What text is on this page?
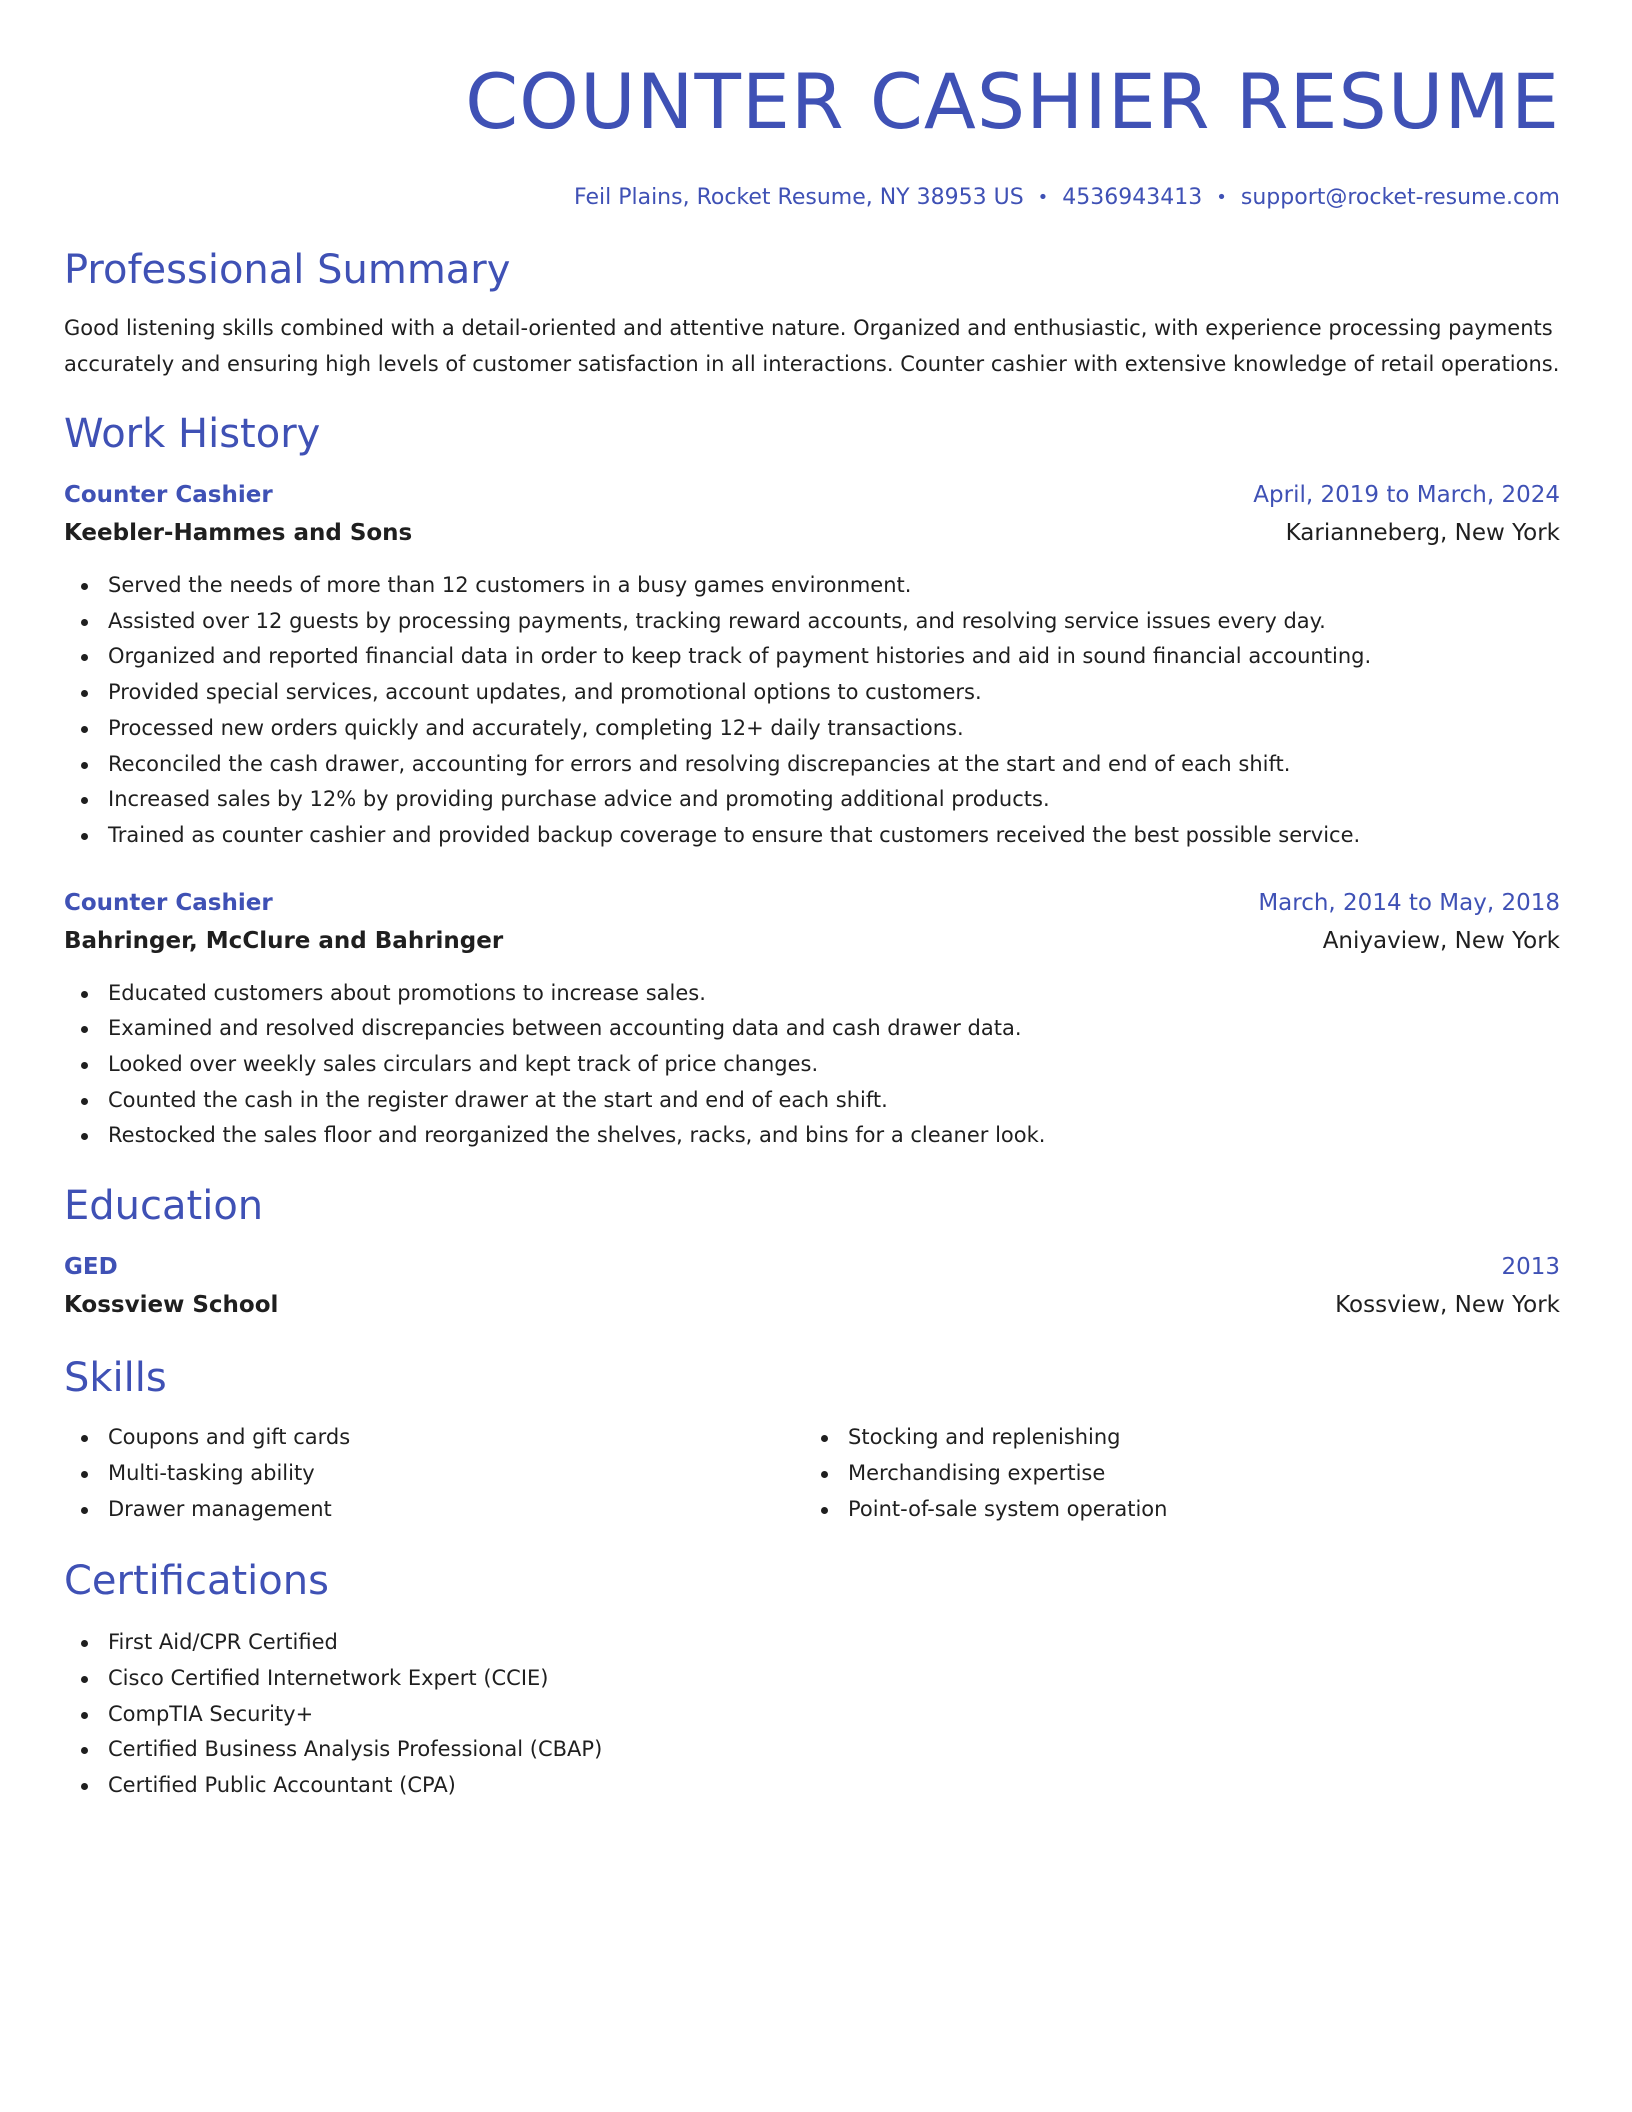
COUNTER CASHIER RESUME
Feil Plains, Rocket Resume, NY 38953 US • 4536943413 • support@rocket-resume.com
Professional Summary
Good listening skills combined with a detail-oriented and attentive nature. Organized and enthusiastic, with experience processing payments accurately and ensuring high levels of customer satisfaction in all interactions. Counter cashier with extensive knowledge of retail operations.
Work History
Counter Cashier	April, 2019 to March, 2024
Keebler-Hammes and Sons	Karianneberg, New York
Served the needs of more than 12 customers in a busy games environment.
Assisted over 12 guests by processing payments, tracking reward accounts, and resolving service issues every day.
Organized and reported financial data in order to keep track of payment histories and aid in sound financial accounting.
Provided special services, account updates, and promotional options to customers.
Processed new orders quickly and accurately, completing 12+ daily transactions.
Reconciled the cash drawer, accounting for errors and resolving discrepancies at the start and end of each shift.
Increased sales by 12% by providing purchase advice and promoting additional products.
Trained as counter cashier and provided backup coverage to ensure that customers received the best possible service.
Counter Cashier	March, 2014 to May, 2018
Bahringer, McClure and Bahringer	Aniyaview, New York
Educated customers about promotions to increase sales.
Examined and resolved discrepancies between accounting data and cash drawer data.
Looked over weekly sales circulars and kept track of price changes.
Counted the cash in the register drawer at the start and end of each shift.
Restocked the sales floor and reorganized the shelves, racks, and bins for a cleaner look.
Education
GED	2013
Kossview School	Kossview, New York
Skills
Coupons and gift cards
Multi-tasking ability
Drawer management
Stocking and replenishing
Merchandising expertise
Point-of-sale system operation
Certifications
First Aid/CPR Certified
Cisco Certified Internetwork Expert (CCIE)
CompTIA Security+
Certified Business Analysis Professional (CBAP)
Certified Public Accountant (CPA)
